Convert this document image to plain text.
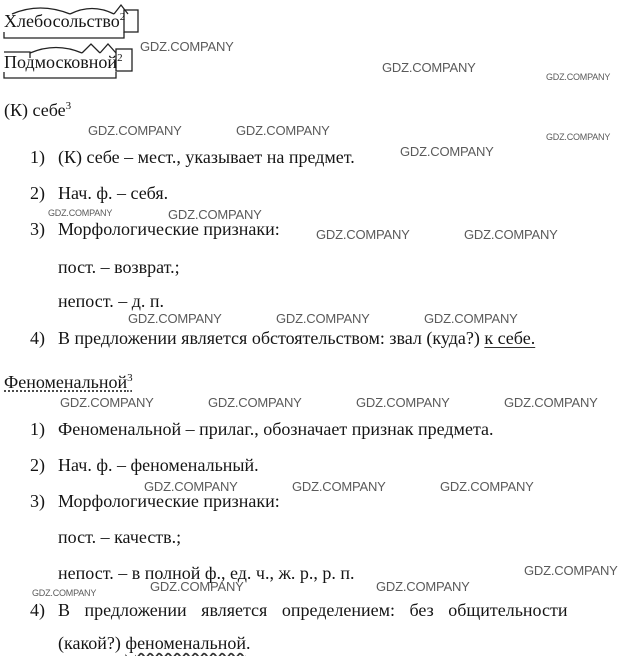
Хлебосольство$^2$
Подмосковной$^2$
(К) себе$^3$
1) (К) себе – мест., указывает на предмет.
2) Нач. ф. – себя.
3) Морфологические признаки:
пост. – возврат.;
непост. – д. п.
4) В предложении является обстоятельством: звал (куда?) к себе.
Феноменальной$^3$
1) Феноменальной – прилаг., обозначает признак предмета.
2) Нач. ф. – феноменальный.
3) Морфологические признаки:
пост. – качеств.;
непост. – в полной ф., ед. ч., ж. р., р. п.
4) В предложении является определением: без общительности
(какой?) феноменальной.
GDZ.COMPANY
GDZ.COMPANY
GDZ.COMPANY
GDZ.COMPANY	GDZ.COMPANY	GDZ.COMPANY
GDZ.COMPANY
GDZ.COMPANY	GDZ.COMPANY
GDZ.COMPANY	GDZ.COMPANY
GDZ.COMPANY	GDZ.COMPANY	GDZ.COMPANY
GDZ.COMPANY	GDZ.COMPANY	GDZ.COMPANY	GDZ.COMPANY
GDZ.COMPANY	GDZ.COMPANY	GDZ.COMPANY
GDZ.COMPANY
GDZ.COMPANY	GDZ.COMPANY
GDZ.COMPANY
